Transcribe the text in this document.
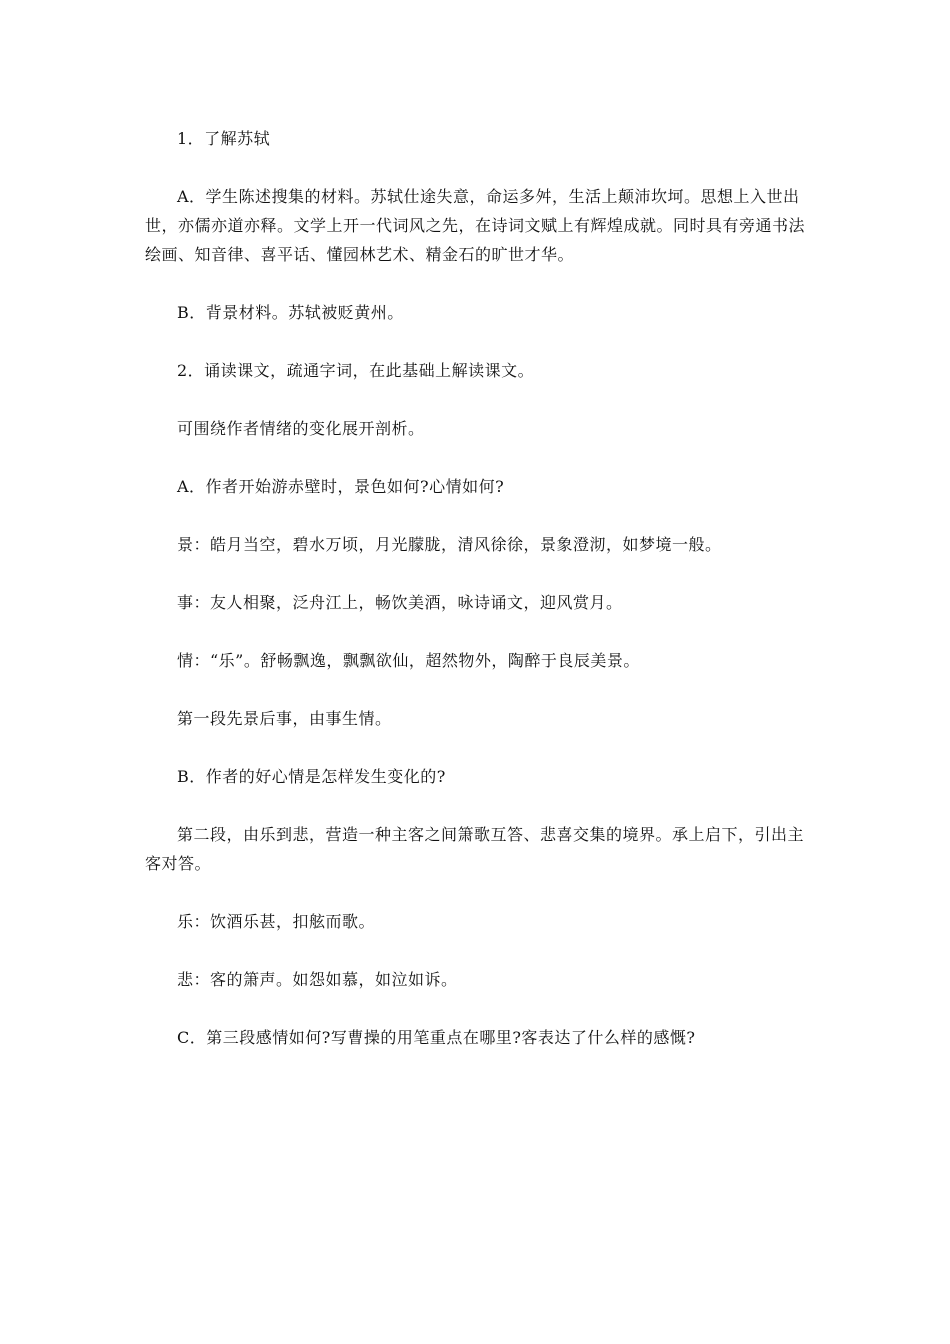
1．了解苏轼

A．学生陈述搜集的材料。苏轼仕途失意，命运多舛，生活上颠沛坎坷。思想上入世出世，亦儒亦道亦释。文学上开一代词风之先，在诗词文赋上有辉煌成就。同时具有旁通书法绘画、知音律、喜平话、懂园林艺术、精金石的旷世才华。

B．背景材料。苏轼被贬黄州。

2．诵读课文，疏通字词，在此基础上解读课文。

可围绕作者情绪的变化展开剖析。

A．作者开始游赤壁时，景色如何?心情如何?

景：皓月当空，碧水万顷，月光朦胧，清风徐徐，景象澄沏，如梦境一般。

事：友人相聚，泛舟江上，畅饮美酒，咏诗诵文，迎风赏月。

情：“乐”。舒畅飘逸，飘飘欲仙，超然物外，陶醉于良辰美景。

第一段先景后事，由事生情。

B．作者的好心情是怎样发生变化的?

第二段，由乐到悲，营造一种主客之间箫歌互答、悲喜交集的境界。承上启下，引出主客对答。

乐：饮酒乐甚，扣舷而歌。

悲：客的箫声。如怨如慕，如泣如诉。

C．第三段感情如何?写曹操的用笔重点在哪里?客表达了什么样的感慨?
